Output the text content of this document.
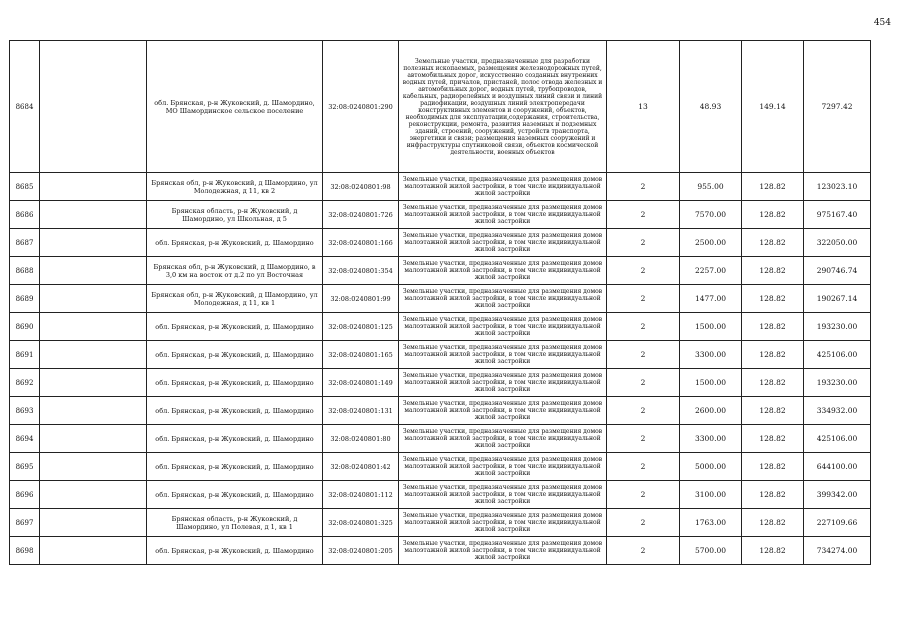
454
8684		обл. Брянская, р-н Жуковский, д. Шамордино, МО Шамординское сельское поселение	32:08:0240801:290	Земельные участки, предназначенные для разработки полезных ископаемых, размещения железнодорожных путей, автомобильных дорог, искусственно созданных внутренних водных путей, причалов, пристаней, полос отвода железных и автомобильных дорог, водных путей, трубопроводов, кабельных, радиорелейных и воздушных линий связи и линий радиофикации, воздушных линий электропередачи конструктивных элементов и сооружений, объектов, необходимых для эксплуатации,содержания, строительства, реконструкции, ремонта, развития наземных и подземных зданий, строений, сооружений, устройств транспорта, энергетики и связи; размещения наземных сооружений и инфраструктуры спутниковой связи, объектов космической деятельности, военных объектов	13	48.93	149.14	7297.42
8685		Брянская обл, р-н Жуковский, д Шамордино, ул Молодежная, д 11, кв 2	32:08:0240801:98	Земельные участки, предназначенные для размещения домов малоэтажной жилой застройки, в том числе индивидуальной жилой застройки	2	955.00	128.82	123023.10
8686		Брянская область, р-н Жуковский, д Шамордино, ул Школьная, д 5	32:08:0240801:726	Земельные участки, предназначенные для размещения домов малоэтажной жилой застройки, в том числе индивидуальной жилой застройки	2	7570.00	128.82	975167.40
8687		обл. Брянская, р-н Жуковский, д. Шамордино	32:08:0240801:166	Земельные участки, предназначенные для размещения домов малоэтажной жилой застройки, в том числе индивидуальной жилой застройки	2	2500.00	128.82	322050.00
8688		Брянская обл, р-н Жуковский, д Шамордино, в 3,0 км на восток от д.2 по ул Восточная	32:08:0240801:354	Земельные участки, предназначенные для размещения домов малоэтажной жилой застройки, в том числе индивидуальной жилой застройки	2	2257.00	128.82	290746.74
8689		Брянская обл, р-н Жуковский, д Шамордино, ул Молодежная, д 11, кв 1	32:08:0240801:99	Земельные участки, предназначенные для размещения домов малоэтажной жилой застройки, в том числе индивидуальной жилой застройки	2	1477.00	128.82	190267.14
8690		обл. Брянская, р-н Жуковский, д. Шамордино	32:08:0240801:125	Земельные участки, предназначенные для размещения домов малоэтажной жилой застройки, в том числе индивидуальной жилой застройки	2	1500.00	128.82	193230.00
8691		обл. Брянская, р-н Жуковский, д. Шамордино	32:08:0240801:165	Земельные участки, предназначенные для размещения домов малоэтажной жилой застройки, в том числе индивидуальной жилой застройки	2	3300.00	128.82	425106.00
8692		обл. Брянская, р-н Жуковский, д. Шамордино	32:08:0240801:149	Земельные участки, предназначенные для размещения домов малоэтажной жилой застройки, в том числе индивидуальной жилой застройки	2	1500.00	128.82	193230.00
8693		обл. Брянская, р-н Жуковский, д. Шамордино	32:08:0240801:131	Земельные участки, предназначенные для размещения домов малоэтажной жилой застройки, в том числе индивидуальной жилой застройки	2	2600.00	128.82	334932.00
8694		обл. Брянская, р-н Жуковский, д. Шамордино	32:08:0240801:80	Земельные участки, предназначенные для размещения домов малоэтажной жилой застройки, в том числе индивидуальной жилой застройки	2	3300.00	128.82	425106.00
8695		обл. Брянская, р-н Жуковский, д. Шамордино	32:08:0240801:42	Земельные участки, предназначенные для размещения домов малоэтажной жилой застройки, в том числе индивидуальной жилой застройки	2	5000.00	128.82	644100.00
8696		обл. Брянская, р-н Жуковский, д. Шамордино	32:08:0240801:112	Земельные участки, предназначенные для размещения домов малоэтажной жилой застройки, в том числе индивидуальной жилой застройки	2	3100.00	128.82	399342.00
8697		Брянская область, р-н Жуковский, д Шамордино, ул Полевая, д 1, кв 1	32:08:0240801:325	Земельные участки, предназначенные для размещения домов малоэтажной жилой застройки, в том числе индивидуальной жилой застройки	2	1763.00	128.82	227109.66
8698		обл. Брянская, р-н Жуковский, д. Шамордино	32:08:0240801:205	Земельные участки, предназначенные для размещения домов малоэтажной жилой застройки, в том числе индивидуальной жилой застройки	2	5700.00	128.82	734274.00
